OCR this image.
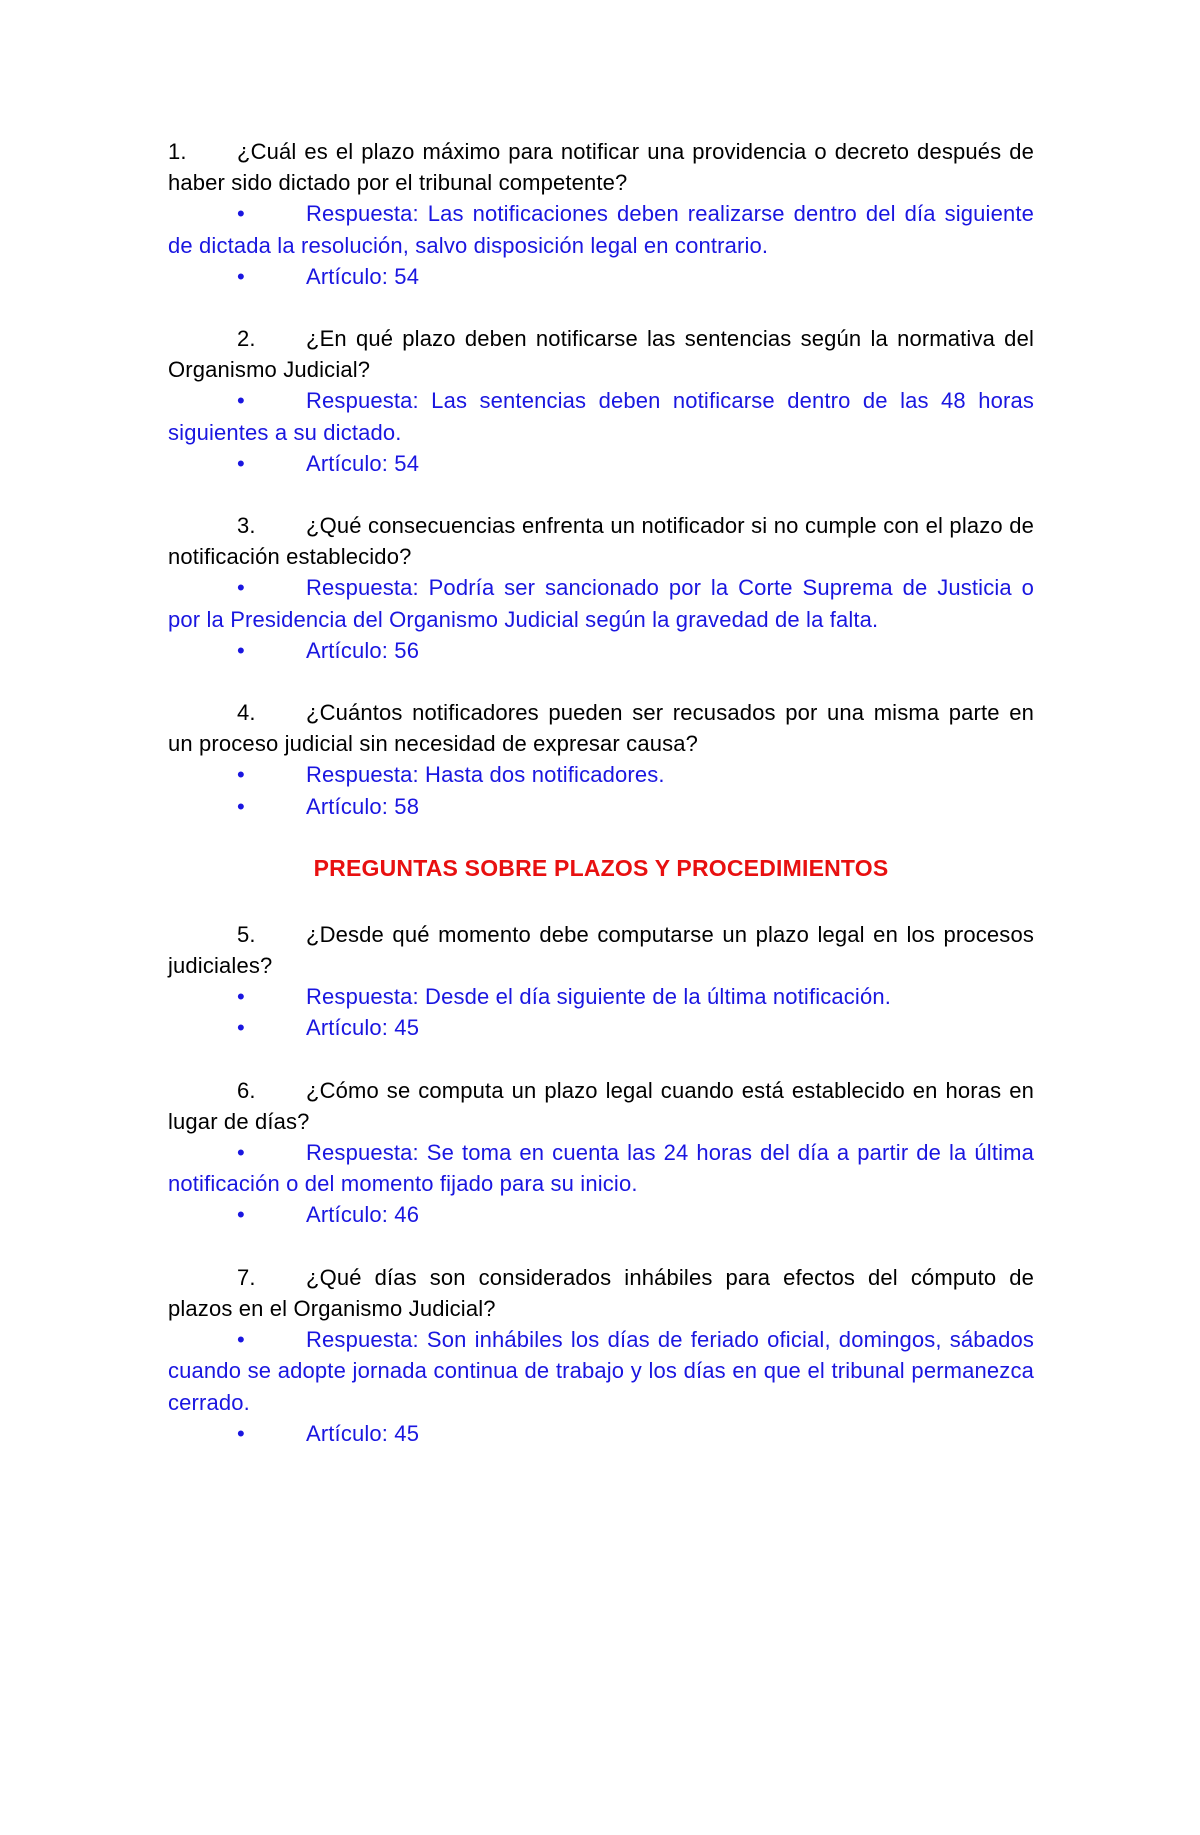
1. ¿Cuál es el plazo máximo para notificar una providencia o decreto después de haber sido dictado por el tribunal competente?

•	Respuesta: Las notificaciones deben realizarse dentro del día siguiente de dictada la resolución, salvo disposición legal en contrario.

•	Artículo: 54

2. ¿En qué plazo deben notificarse las sentencias según la normativa del Organismo Judicial?

•	Respuesta: Las sentencias deben notificarse dentro de las 48 horas siguientes a su dictado.

•	Artículo: 54

3. ¿Qué consecuencias enfrenta un notificador si no cumple con el plazo de notificación establecido?

•	Respuesta: Podría ser sancionado por la Corte Suprema de Justicia o por la Presidencia del Organismo Judicial según la gravedad de la falta.

•	Artículo: 56

4. ¿Cuántos notificadores pueden ser recusados por una misma parte en un proceso judicial sin necesidad de expresar causa?

•	Respuesta: Hasta dos notificadores.

•	Artículo: 58

PREGUNTAS SOBRE PLAZOS Y PROCEDIMIENTOS

5. ¿Desde qué momento debe computarse un plazo legal en los procesos judiciales?

•	Respuesta: Desde el día siguiente de la última notificación.

•	Artículo: 45

6. ¿Cómo se computa un plazo legal cuando está establecido en horas en lugar de días?

•	Respuesta: Se toma en cuenta las 24 horas del día a partir de la última notificación o del momento fijado para su inicio.

•	Artículo: 46

7. ¿Qué días son considerados inhábiles para efectos del cómputo de plazos en el Organismo Judicial?

•	Respuesta: Son inhábiles los días de feriado oficial, domingos, sábados cuando se adopte jornada continua de trabajo y los días en que el tribunal permanezca cerrado.

•	Artículo: 45
